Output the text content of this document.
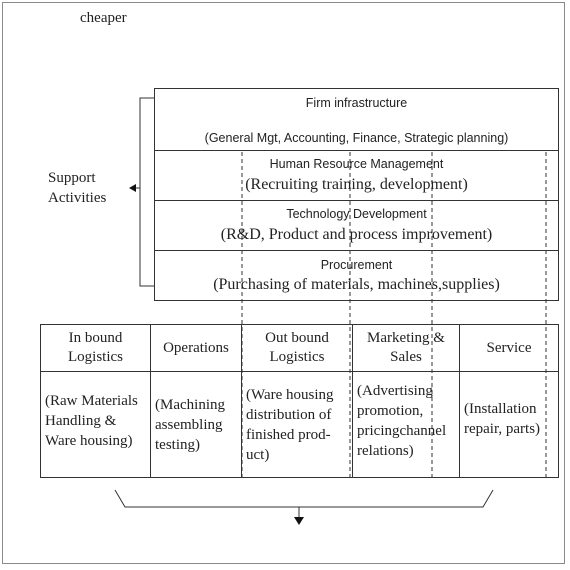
cheaper
Support
Activities
Firm infrastructure
(General Mgt, Accounting, Finance, Strategic planning)
Human Resource Management
(Recruiting training, development)
Technology Development
(R&D, Product and process improvement)
Procurement
(Purchasing of materials, machines,supplies)
In bound
Logistics
(Raw Materials
Handling &
Ware housing)
Operations
(Machining
assembling
testing)
Out bound
Logistics
(Ware housing
distribution of
finished prod-
uct)
Marketing &
Sales
(Advertising
promotion,
pricingchannel
relations)
Service
(Installation
repair, parts)
